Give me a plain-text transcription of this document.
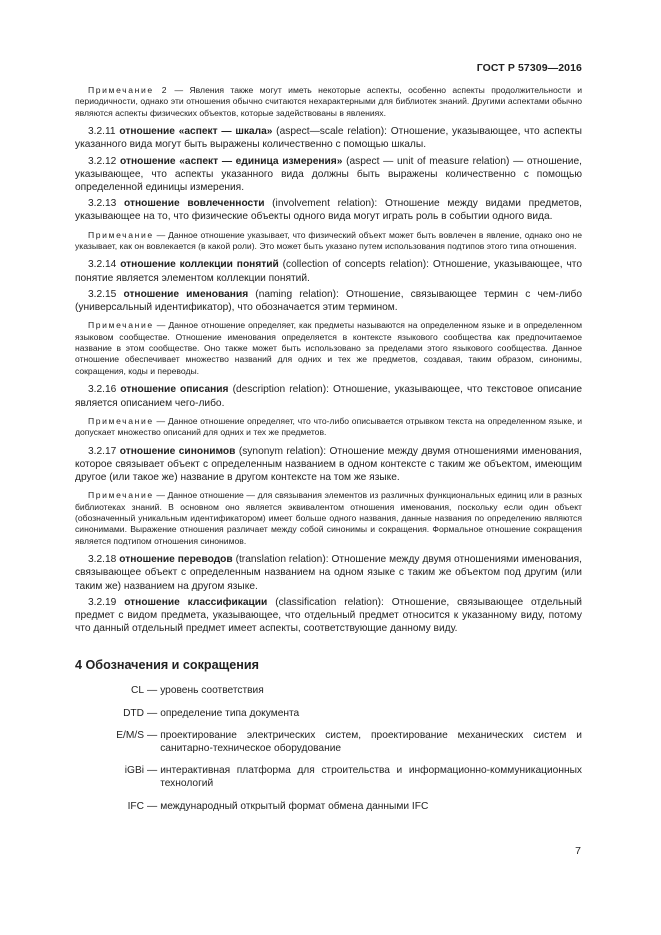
ГОСТ Р 57309—2016

Примечание 2 — Явления также могут иметь некоторые аспекты, особенно аспекты продолжительности и периодичности, однако эти отношения обычно считаются нехарактерными для библиотек знаний. Другими аспектами обычно являются аспекты физических объектов, которые задействованы в явлениях.

3.2.11 отношение «аспект — шкала» (aspect—scale relation): Отношение, указывающее, что аспекты указанного вида могут быть выражены количественно с помощью шкалы.

3.2.12 отношение «аспект — единица измерения» (aspect — unit of measure relation) — отношение, указывающее, что аспекты указанного вида должны быть выражены количественно с помощью определенной единицы измерения.

3.2.13 отношение вовлеченности (involvement relation): Отношение между видами предметов, указывающее на то, что физические объекты одного вида могут играть роль в событии одного вида.

Примечание — Данное отношение указывает, что физический объект может быть вовлечен в явление, однако оно не указывает, как он вовлекается (в какой роли). Это может быть указано путем использования подтипов этого типа отношения.

3.2.14 отношение коллекции понятий (collection of concepts relation): Отношение, указывающее, что понятие является элементом коллекции понятий.

3.2.15 отношение именования (naming relation): Отношение, связывающее термин с чем-либо (универсальный идентификатор), что обозначается этим термином.

Примечание — Данное отношение определяет, как предметы называются на определенном языке и в определенном языковом сообществе. Отношение именования определяется в контексте языкового сообщества как предпочитаемое название в этом сообществе. Оно также может быть использовано за пределами этого языкового сообщества. Данное отношение обеспечивает множество названий для одних и тех же предметов, создавая, таким образом, синонимы, сокращения, коды и переводы.

3.2.16 отношение описания (description relation): Отношение, указывающее, что текстовое описание является описанием чего-либо.

Примечание — Данное отношение определяет, что что-либо описывается отрывком текста на определенном языке, и допускает множество описаний для одних и тех же предметов.

3.2.17 отношение синонимов (synonym relation): Отношение между двумя отношениями именования, которое связывает объект с определенным названием в одном контексте с таким же объектом, имеющим другое (или такое же) название в другом контексте на том же языке.

Примечание — Данное отношение — для связывания элементов из различных функциональных единиц или в разных библиотеках знаний. В основном оно является эквивалентом отношения именования, поскольку если один объект (обозначенный уникальным идентификатором) имеет больше одного названия, данные названия по определению являются синонимами. Выражение отношения различает между собой синонимы и сокращения. Формальное отношение сокращения является подтипом отношения синонимов.

3.2.18 отношение переводов (translation relation): Отношение между двумя отношениями именования, связывающее объект с определенным названием на одном языке с таким же объектом под другим (или таким же) названием на другом языке.

3.2.19 отношение классификации (classification relation): Отношение, связывающее отдельный предмет с видом предмета, указывающее, что отдельный предмет относится к указанному виду, потому что данный отдельный предмет имеет аспекты, соответствующие данному виду.

4 Обозначения и сокращения
CL — уровень соответствия
DTD — определение типа документа
E/M/S — проектирование электрических систем, проектирование механических систем и санитарно-техническое оборудование
iGBi — интерактивная платформа для строительства и информационно-коммуникационных технологий
IFC — международный открытый формат обмена данными IFC
7
